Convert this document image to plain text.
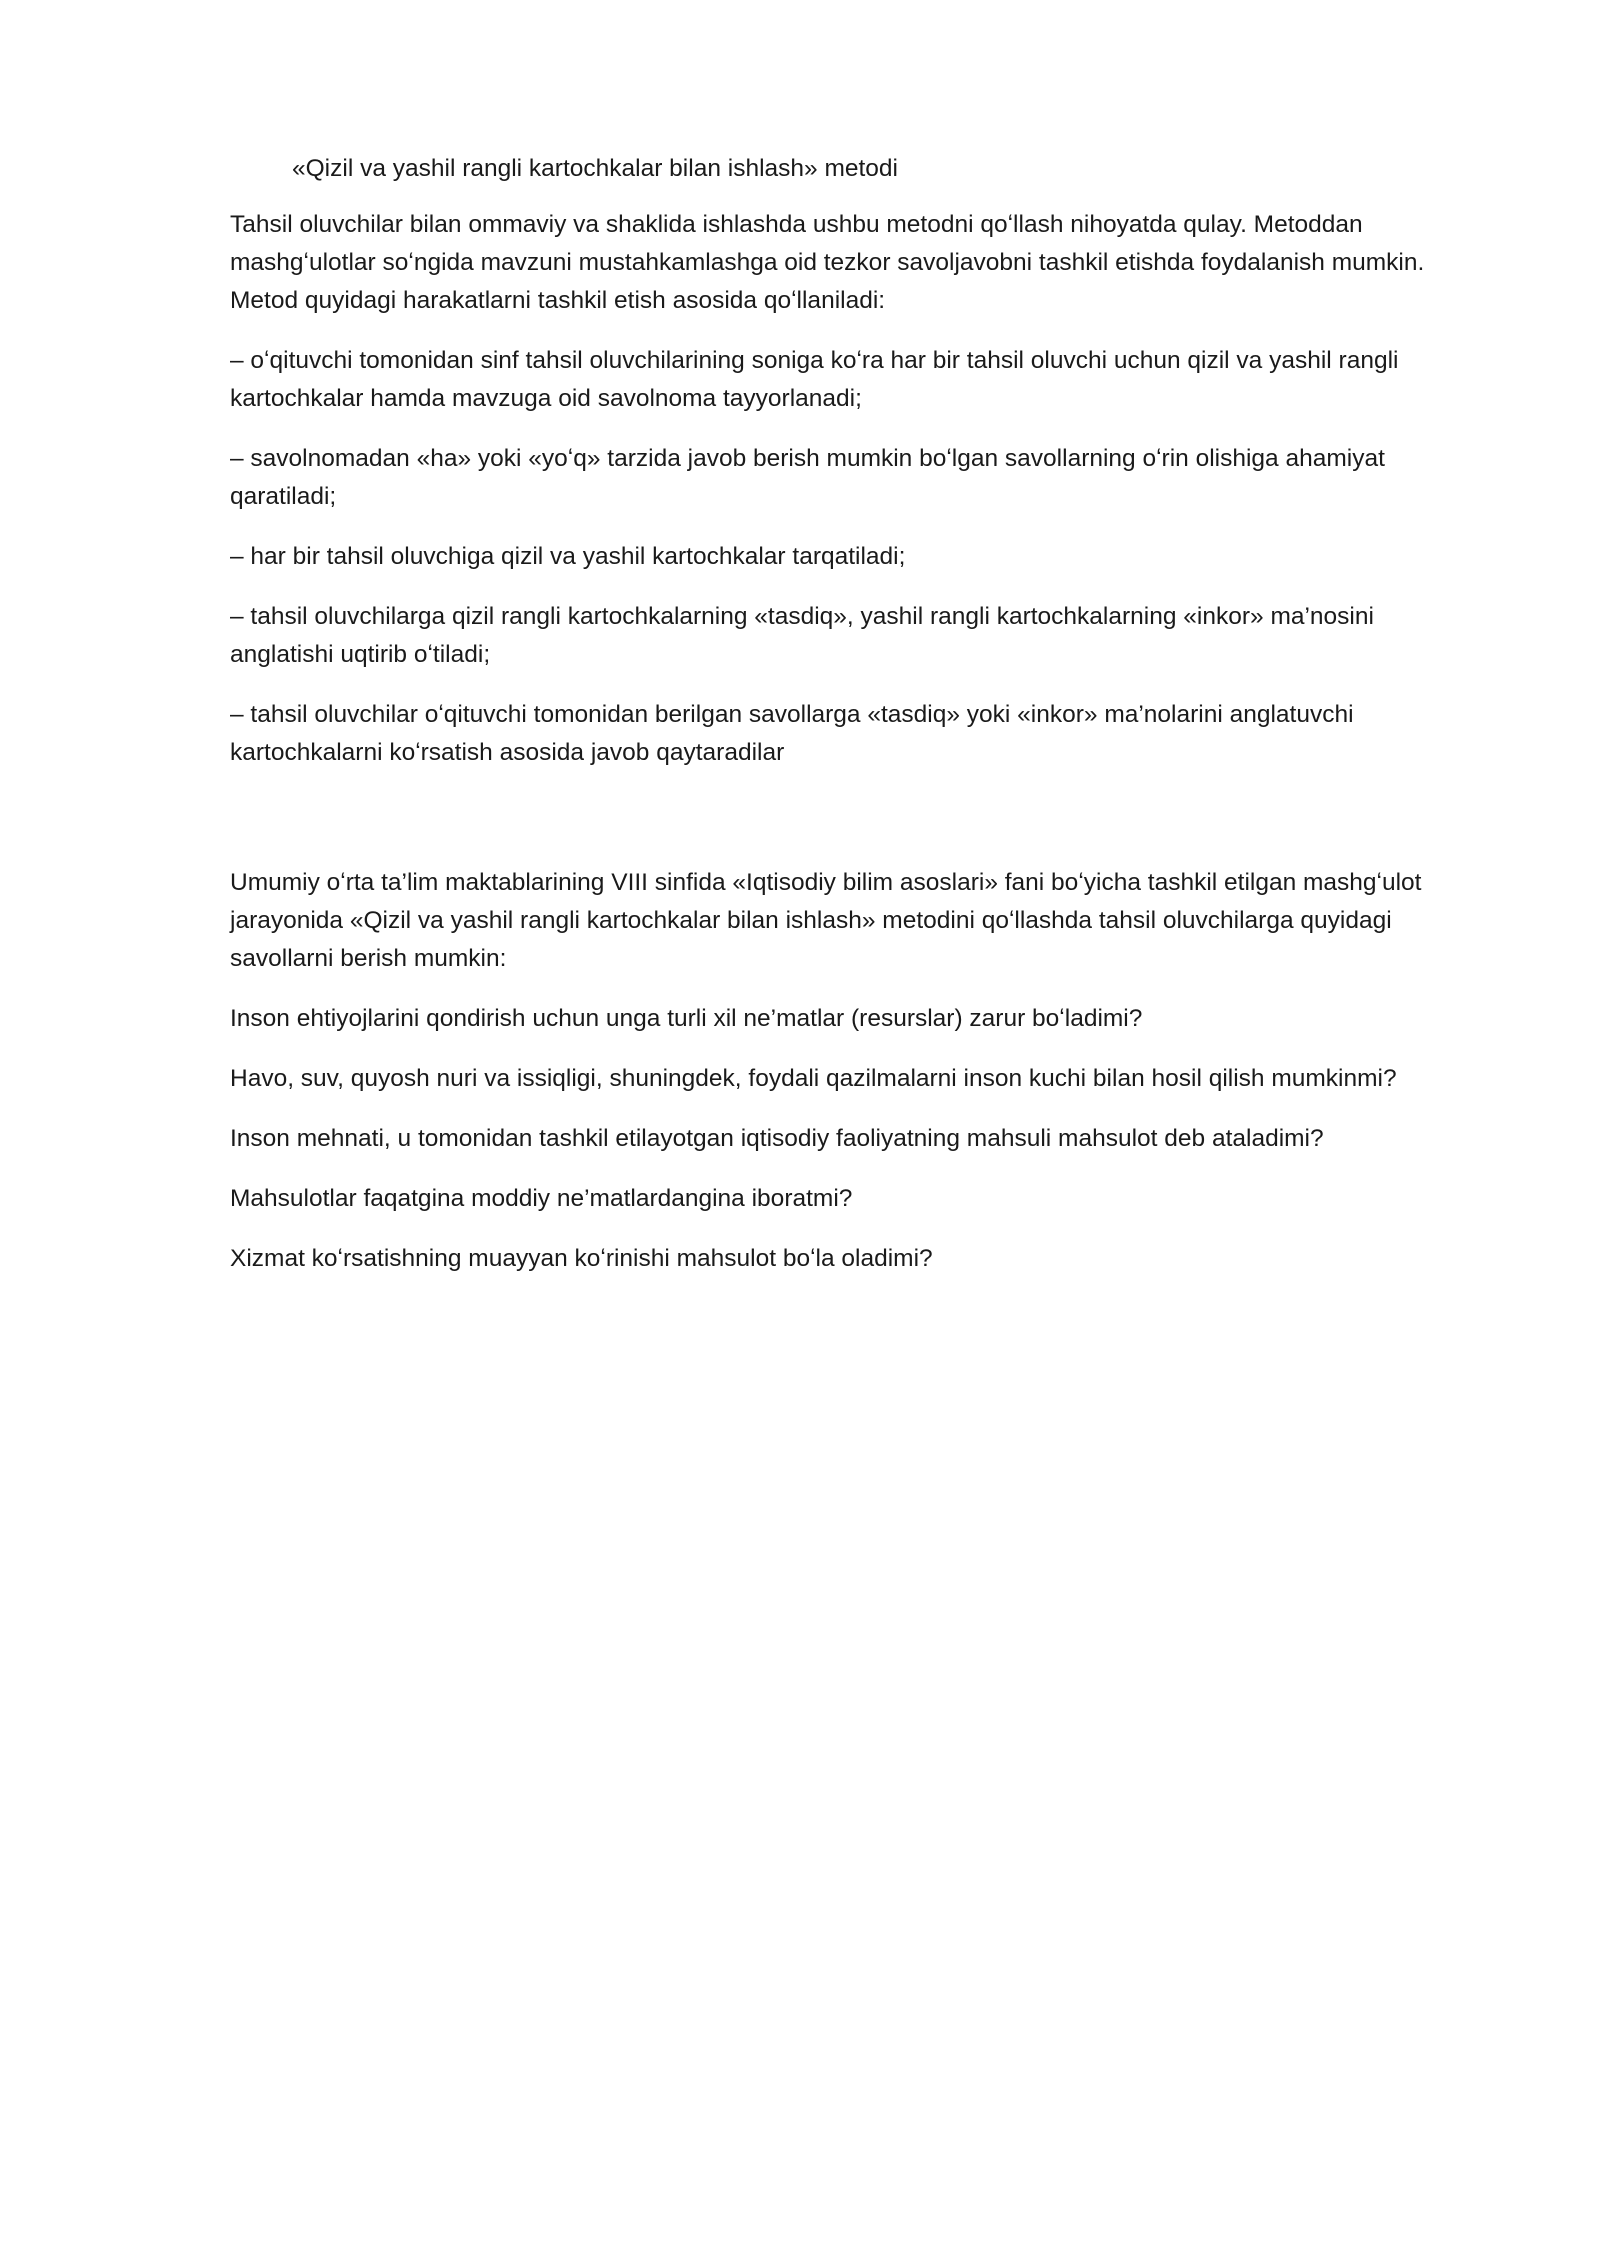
«Qizil va yashil rangli kartochkalar bilan ishlash» metodi

Tahsil oluvchilar bilan ommaviy va shaklida ishlashda ushbu metodni qoʻllash nihoyatda qulay. Metoddan mashgʻulotlar soʻngida mavzuni mustahkamlashga oid tezkor savoljavobni tashkil etishda foydalanish mumkin. Metod quyidagi harakatlarni tashkil etish asosida qoʻllaniladi:

– oʻqituvchi tomonidan sinf tahsil oluvchilarining soniga koʻra har bir tahsil oluvchi uchun qizil va yashil rangli kartochkalar hamda mavzuga oid savolnoma tayyorlanadi;

– savolnomadan «ha» yoki «yoʻq» tarzida javob berish mumkin boʻlgan savollarning oʻrin olishiga ahamiyat qaratiladi;

– har bir tahsil oluvchiga qizil va yashil kartochkalar tarqatiladi;

– tahsil oluvchilarga qizil rangli kartochkalarning «tasdiq», yashil rangli kartochkalarning «inkor» ma’nosini anglatishi uqtirib oʻtiladi;

– tahsil oluvchilar oʻqituvchi tomonidan berilgan savollarga «tasdiq» yoki «inkor» ma’nolarini anglatuvchi kartochkalarni koʻrsatish asosida javob qaytaradilar

Umumiy oʻrta ta’lim maktablarining VIII sinfida «Iqtisodiy bilim asoslari» fani boʻyicha tashkil etilgan mashgʻulot jarayonida «Qizil va yashil rangli kartochkalar bilan ishlash» metodini qoʻllashda tahsil oluvchilarga quyidagi savollarni berish mumkin:

Inson ehtiyojlarini qondirish uchun unga turli xil ne’matlar (resurslar) zarur boʻladimi?

Havo, suv, quyosh nuri va issiqligi, shuningdek, foydali qazilmalarni inson kuchi bilan hosil qilish mumkinmi?

Inson mehnati, u tomonidan tashkil etilayotgan iqtisodiy faoliyatning mahsuli mahsulot deb ataladimi?

Mahsulotlar faqatgina moddiy ne’matlardangina iboratmi?

Xizmat koʻrsatishning muayyan koʻrinishi mahsulot boʻla oladimi?
